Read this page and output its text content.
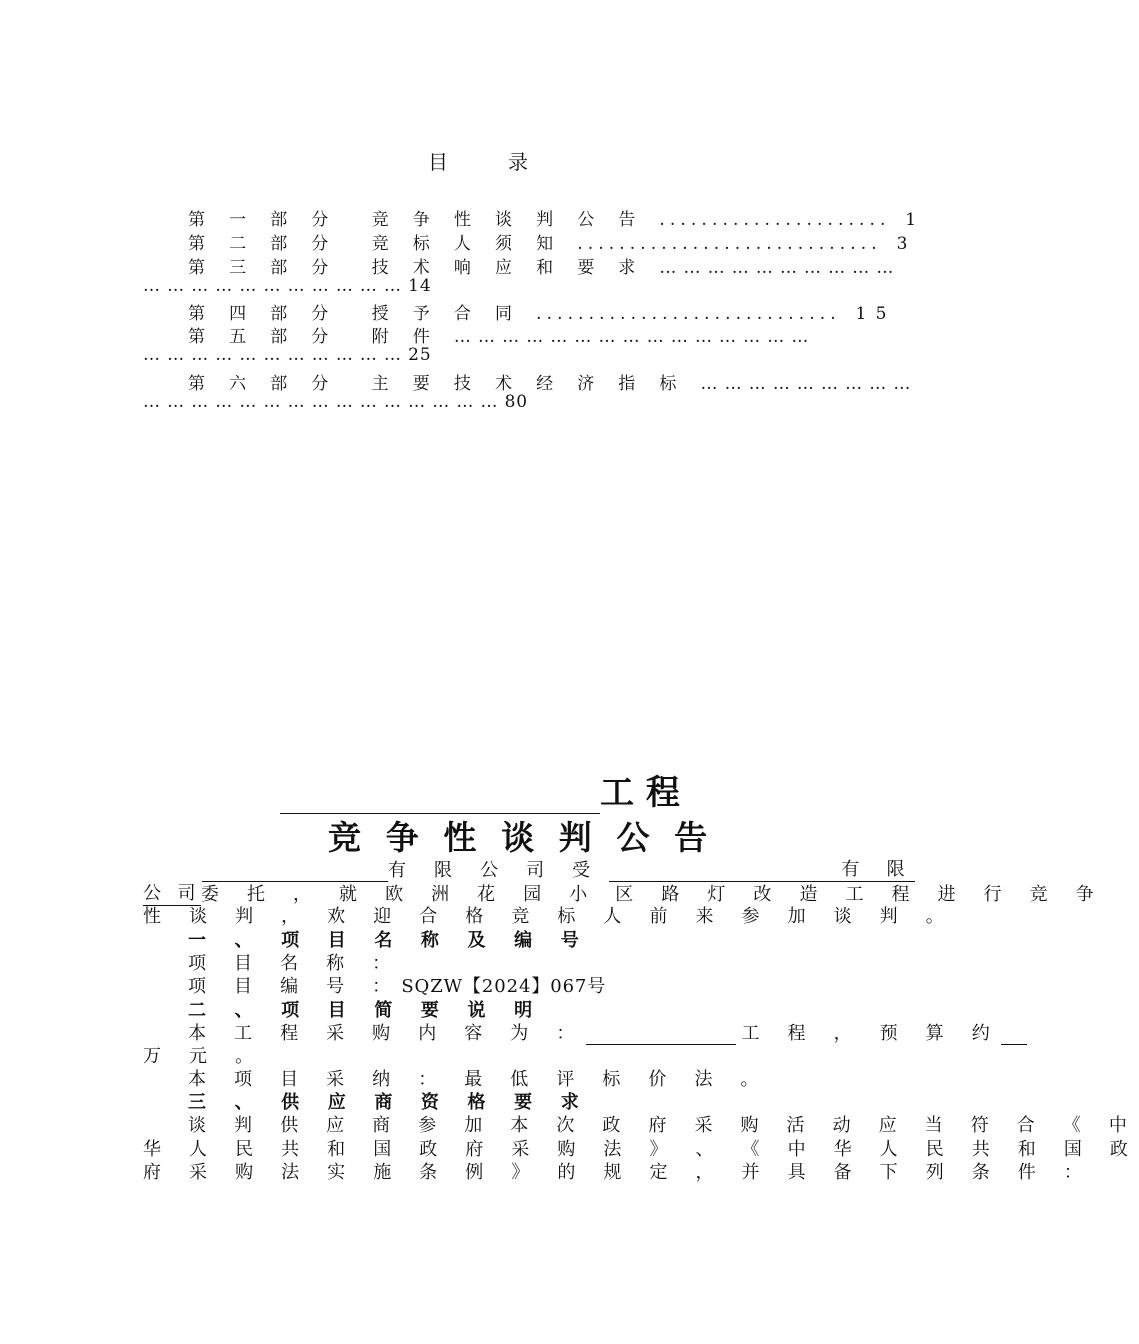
目　　　录
第 一 部 分 竞 争 性 谈 判 公 告 ...................... 1
第 二 部 分 竞 标 人 须 知 ............................. 3
第 三 部 分 技 术 响 应 和 要 求 … … … … … … … … … …
… … … … … … … … … … … 14
第 四 部 分 授 予 合 同 ............................. 15
第 五 部 分 附 件 … … … … … … … … … … … … … … …
… … … … … … … … … … … 25
第 六 部 分 主 要 技 术 经 济 指 标 … … … … … … … … …
… … … … … … … … … … … … … … … 80
工 程
竞 争 性 谈 判 公 告
有 限 公 司 受	有 限
公 司委 托 ， 就 欧 洲 花 园 小 区 路 灯 改 造 工 程 进 行 竞 争
性 谈 判 ， 欢 迎 合 格 竞 标 人 前 来 参 加 谈 判 。
一 、 项 目 名 称 及 编 号
项 目 名 称 ：
项 目 编 号 ：SQZW【2024】067号
二 、 项 目 简 要 说 明
本 工 程 采 购 内 容 为 ：	工 程 ， 预 算 约
万 元 。
本 项 目 采 纳 ： 最 低 评 标 价 法 。
三 、 供 应 商 资 格 要 求
谈 判 供 应 商 参 加 本 次 政 府 采 购 活 动 应 当 符 合 《 中
华 人 民 共 和 国 政 府 采 购 法 》 、 《 中 华 人 民 共 和 国 政
府 采 购 法 实 施 条 例 》 的 规 定 ， 并 具 备 下 列 条 件 ：
